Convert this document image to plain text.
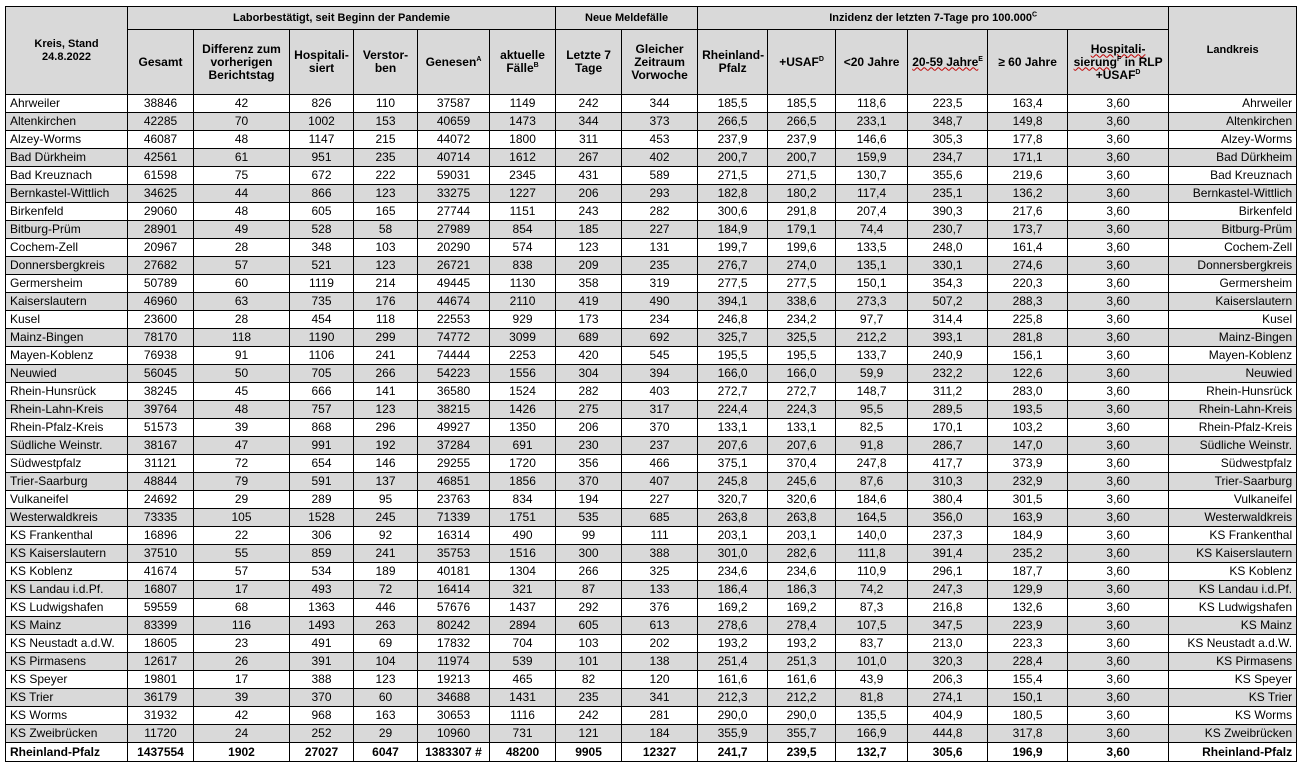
Kreis, Stand 24.8.2022	Laborbestätigt, seit Beginn der Pandemie						Neue Meldefälle		Inzidenz der letzten 7-Tage pro $100.000^C$						Landkreis
	Gesamt	Differenz zum vorherigen Berichtstag	Hospitali-siert	Verstor-ben	Genesen$^A$	aktuelle Fälle$^B$	Letzte 7 Tage	Gleicher Zeitraum Vorwoche	Rheinland-Pfalz	$+USAF^D$	<20 Jahre	20-59 Jahre$^E$	≥ 60 Jahre	Hospitali-sierung$^F$ in RLP $+USAF^D$
Ahrweiler	38846	42	826	110	37587	1149	242	344	185,5	185,5	118,6	223,5	163,4	3,60	Ahrweiler
Altenkirchen	42285	70	1002	153	40659	1473	344	373	266,5	266,5	233,1	348,7	149,8	3,60	Altenkirchen
Alzey-Worms	46087	48	1147	215	44072	1800	311	453	237,9	237,9	146,6	305,3	177,8	3,60	Alzey-Worms
Bad Dürkheim	42561	61	951	235	40714	1612	267	402	200,7	200,7	159,9	234,7	171,1	3,60	Bad Dürkheim
Bad Kreuznach	61598	75	672	222	59031	2345	431	589	271,5	271,5	130,7	355,6	219,6	3,60	Bad Kreuznach
Bernkastel-Wittlich	34625	44	866	123	33275	1227	206	293	182,8	180,2	117,4	235,1	136,2	3,60	Bernkastel-Wittlich
Birkenfeld	29060	48	605	165	27744	1151	243	282	300,6	291,8	207,4	390,3	217,6	3,60	Birkenfeld
Bitburg-Prüm	28901	49	528	58	27989	854	185	227	184,9	179,1	74,4	230,7	173,7	3,60	Bitburg-Prüm
Cochem-Zell	20967	28	348	103	20290	574	123	131	199,7	199,6	133,5	248,0	161,4	3,60	Cochem-Zell
Donnersbergkreis	27682	57	521	123	26721	838	209	235	276,7	274,0	135,1	330,1	274,6	3,60	Donnersbergkreis
Germersheim	50789	60	1119	214	49445	1130	358	319	277,5	277,5	150,1	354,3	220,3	3,60	Germersheim
Kaiserslautern	46960	63	735	176	44674	2110	419	490	394,1	338,6	273,3	507,2	288,3	3,60	Kaiserslautern
Kusel	23600	28	454	118	22553	929	173	234	246,8	234,2	97,7	314,4	225,8	3,60	Kusel
Mainz-Bingen	78170	118	1190	299	74772	3099	689	692	325,7	325,5	212,2	393,1	281,8	3,60	Mainz-Bingen
Mayen-Koblenz	76938	91	1106	241	74444	2253	420	545	195,5	195,5	133,7	240,9	156,1	3,60	Mayen-Koblenz
Neuwied	56045	50	705	266	54223	1556	304	394	166,0	166,0	59,9	232,2	122,6	3,60	Neuwied
Rhein-Hunsrück	38245	45	666	141	36580	1524	282	403	272,7	272,7	148,7	311,2	283,0	3,60	Rhein-Hunsrück
Rhein-Lahn-Kreis	39764	48	757	123	38215	1426	275	317	224,4	224,3	95,5	289,5	193,5	3,60	Rhein-Lahn-Kreis
Rhein-Pfalz-Kreis	51573	39	868	296	49927	1350	206	370	133,1	133,1	82,5	170,1	103,2	3,60	Rhein-Pfalz-Kreis
Südliche Weinstr.	38167	47	991	192	37284	691	230	237	207,6	207,6	91,8	286,7	147,0	3,60	Südliche Weinstr.
Südwestpfalz	31121	72	654	146	29255	1720	356	466	375,1	370,4	247,8	417,7	373,9	3,60	Südwestpfalz
Trier-Saarburg	48844	79	591	137	46851	1856	370	407	245,8	245,6	87,6	310,3	232,9	3,60	Trier-Saarburg
Vulkaneifel	24692	29	289	95	23763	834	194	227	320,7	320,6	184,6	380,4	301,5	3,60	Vulkaneifel
Westerwaldkreis	73335	105	1528	245	71339	1751	535	685	263,8	263,8	164,5	356,0	163,9	3,60	Westerwaldkreis
KS Frankenthal	16896	22	306	92	16314	490	99	111	203,1	203,1	140,0	237,3	184,9	3,60	KS Frankenthal
KS Kaiserslautern	37510	55	859	241	35753	1516	300	388	301,0	282,6	111,8	391,4	235,2	3,60	KS Kaiserslautern
KS Koblenz	41674	57	534	189	40181	1304	266	325	234,6	234,6	110,9	296,1	187,7	3,60	KS Koblenz
KS Landau i.d.Pf.	16807	17	493	72	16414	321	87	133	186,4	186,3	74,2	247,3	129,9	3,60	KS Landau i.d.Pf.
KS Ludwigshafen	59559	68	1363	446	57676	1437	292	376	169,2	169,2	87,3	216,8	132,6	3,60	KS Ludwigshafen
KS Mainz	83399	116	1493	263	80242	2894	605	613	278,6	278,4	107,5	347,5	223,9	3,60	KS Mainz
KS Neustadt a.d.W.	18605	23	491	69	17832	704	103	202	193,2	193,2	83,7	213,0	223,3	3,60	KS Neustadt a.d.W.
KS Pirmasens	12617	26	391	104	11974	539	101	138	251,4	251,3	101,0	320,3	228,4	3,60	KS Pirmasens
KS Speyer	19801	17	388	123	19213	465	82	120	161,6	161,6	43,9	206,3	155,4	3,60	KS Speyer
KS Trier	36179	39	370	60	34688	1431	235	341	212,3	212,2	81,8	274,1	150,1	3,60	KS Trier
KS Worms	31932	42	968	163	30653	1116	242	281	290,0	290,0	135,5	404,9	180,5	3,60	KS Worms
KS Zweibrücken	11720	24	252	29	10960	731	121	184	355,9	355,7	166,9	444,8	317,8	3,60	KS Zweibrücken
Rheinland-Pfalz	1437554	1902	27027	6047	1383307 #	48200	9905	12327	241,7	239,5	132,7	305,6	196,9	3,60	Rheinland-Pfalz
